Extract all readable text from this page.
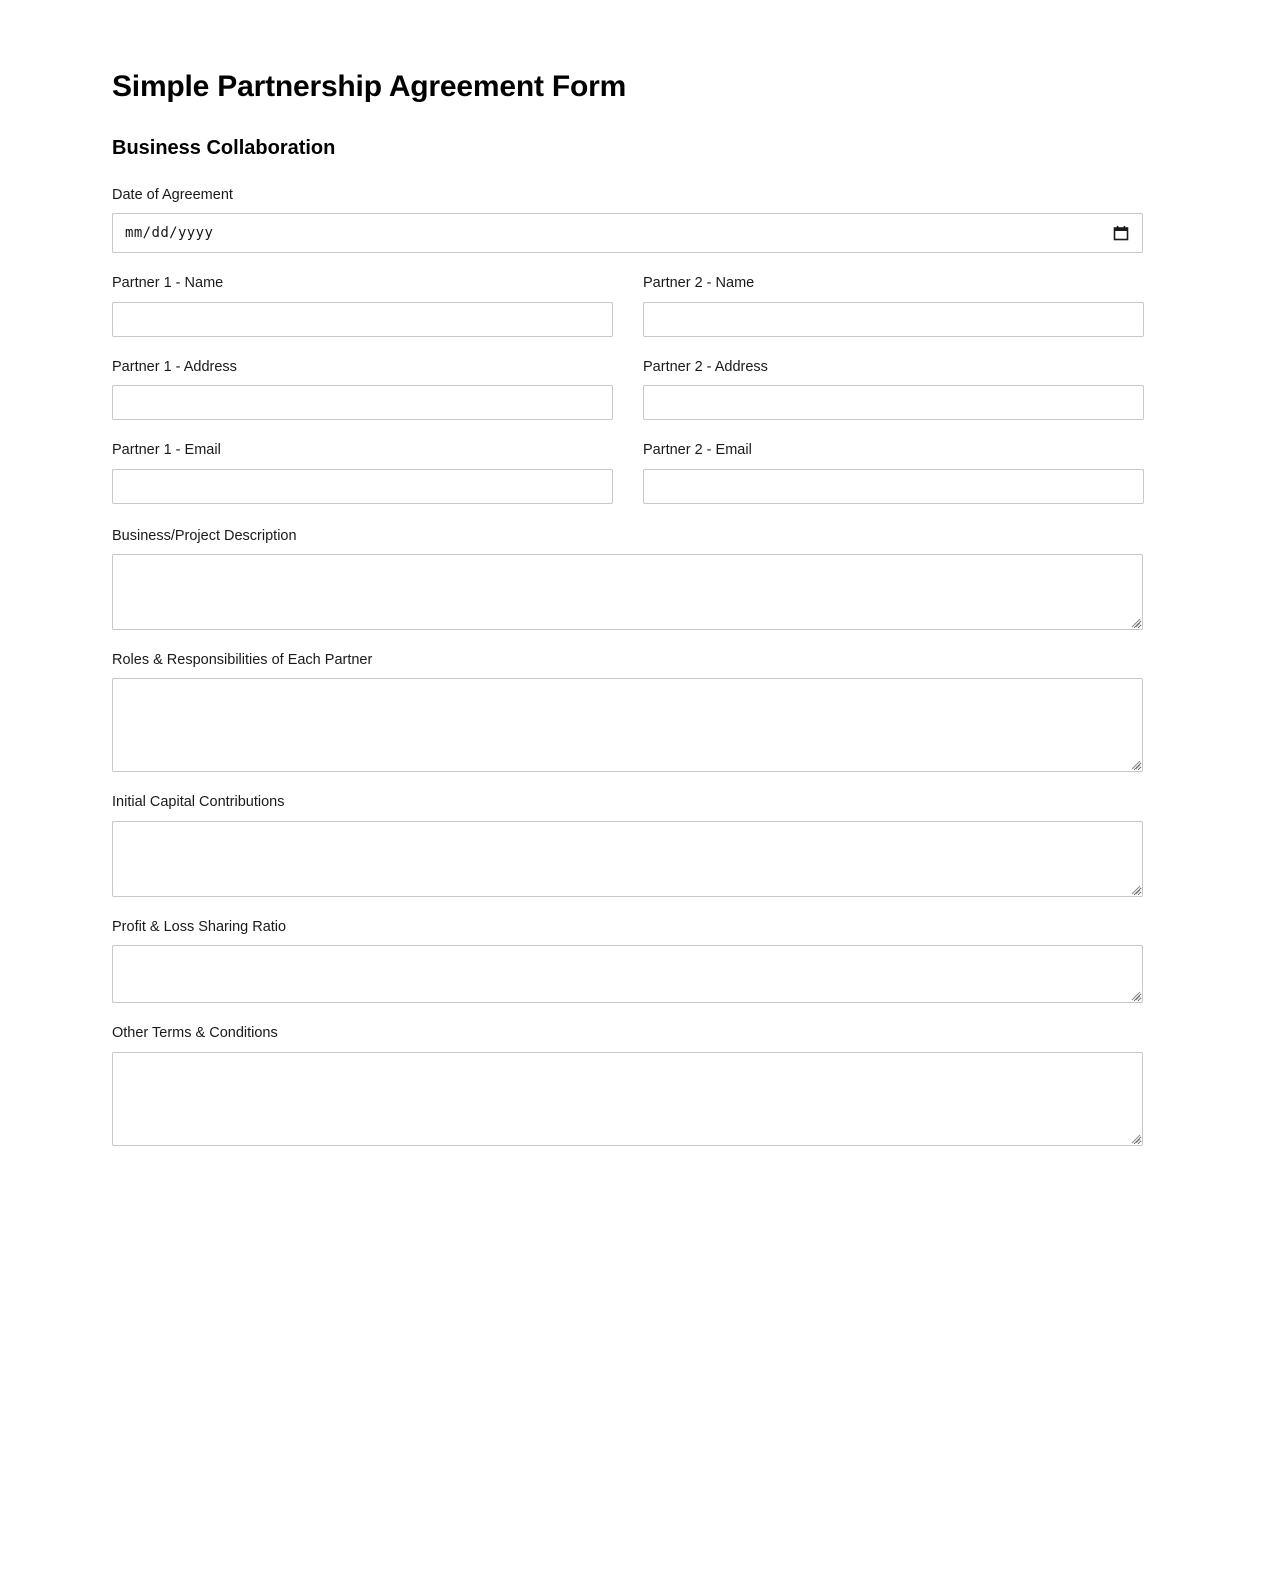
Simple Partnership Agreement Form
Business Collaboration
Date of Agreement
mm/dd/yyyy
Partner 1 - Name	Partner 2 - Name
Partner 1 - Address	Partner 2 - Address
Partner 1 - Email	Partner 2 - Email
Business/Project Description
Roles & Responsibilities of Each Partner
Initial Capital Contributions
Profit & Loss Sharing Ratio
Other Terms & Conditions
